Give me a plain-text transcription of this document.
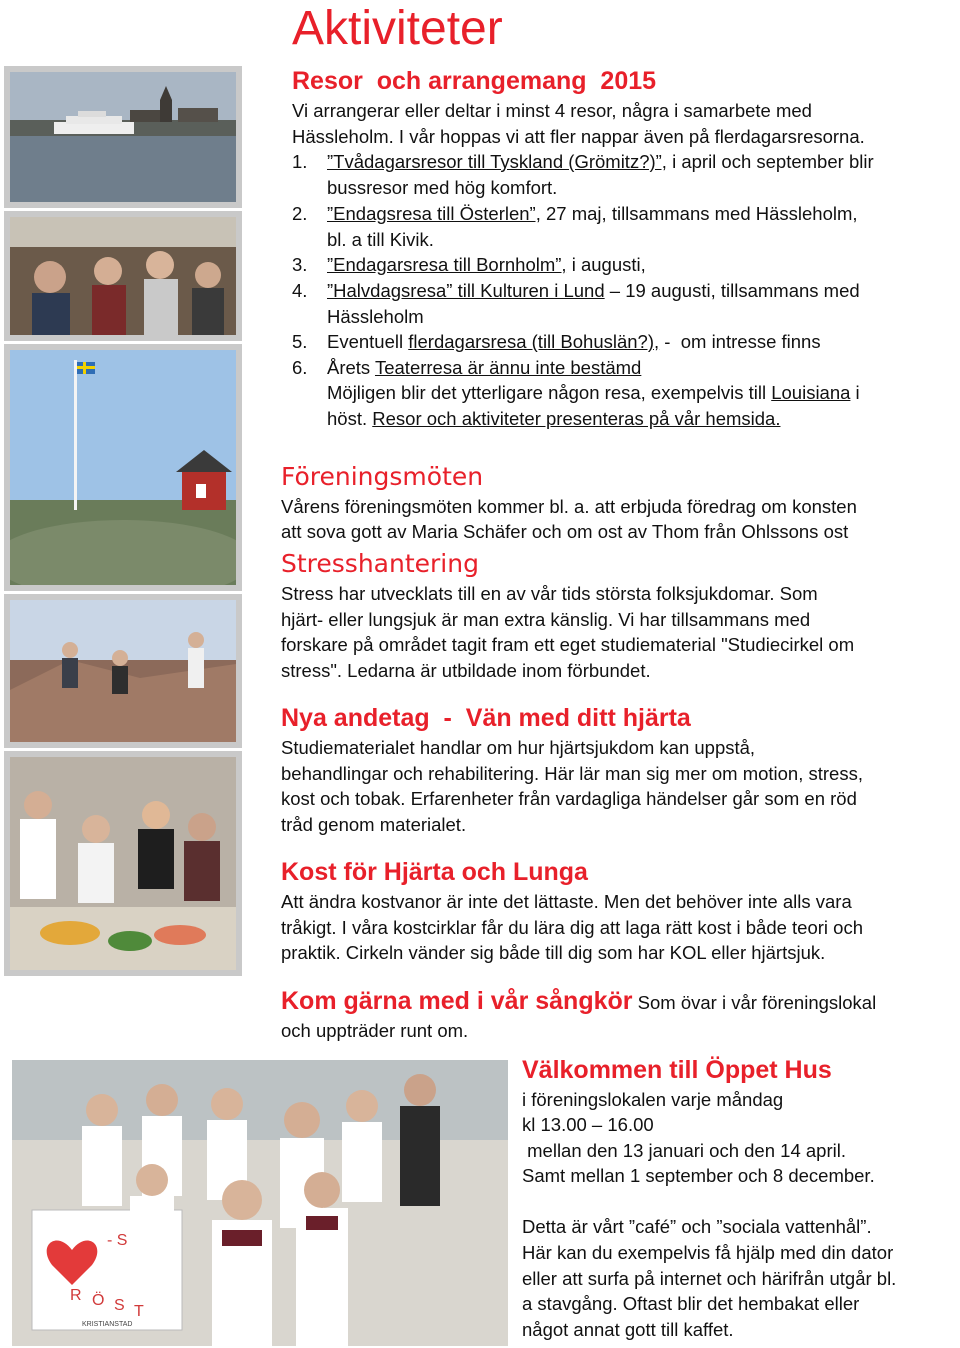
Aktiviteter
Resor  och arrangemang  2015
Vi arrangerar eller deltar i minst 4 resor, några i samarbete med
Hässleholm. I vår hoppas vi att fler nappar även på flerdagarsresorna.
1. ”Tvådagarsresor till Tyskland (Grömitz?)”, i april och september blir
bussresor med hög komfort.
2. ”Endagsresa till Österlen”, 27 maj, tillsammans med Hässleholm,
bl. a till Kivik.
3. ”Endagarsresa till Bornholm”, i augusti,
4. ”Halvdagsresa” till Kulturen i Lund – 19 augusti, tillsammans med
Hässleholm
5. Eventuell flerdagarsresa (till Bohuslän?), -  om intresse finns
6. Årets Teaterresa är ännu inte bestämd
Möjligen blir det ytterligare någon resa, exempelvis till Louisiana i
höst. Resor och aktiviteter presenteras på vår hemsida.
Föreningsmöten
Vårens föreningsmöten kommer bl. a. att erbjuda föredrag om konsten
att sova gott av Maria Schäfer och om ost av Thom från Ohlssons ost
Stresshantering
Stress har utvecklats till en av vår tids största folksjukdomar. Som
hjärt- eller lungsjuk är man extra känslig. Vi har tillsammans med
forskare på området tagit fram ett eget studiematerial "Studiecirkel om
stress". Ledarna är utbildade inom förbundet.
Nya andetag  -  Vän med ditt hjärta
Studiematerialet handlar om hur hjärtsjukdom kan uppstå,
behandlingar och rehabilitering. Här lär man sig mer om motion, stress,
kost och tobak. Erfarenheter från vardagliga händelser går som en röd
tråd genom materialet.
Kost för Hjärta och Lunga
Att ändra kostvanor är inte det lättaste. Men det behöver inte alls vara
tråkigt. I våra kostcirklar får du lära dig att laga rätt kost i både teori och
praktik. Cirkeln vänder sig både till dig som har KOL eller hjärtsjuk.
Kom gärna med i vår sångkör Som övar i vår föreningslokal
och uppträder runt om.
Välkommen till Öppet Hus
i föreningslokalen varje måndag
kl 13.00 – 16.00
mellan den 13 januari och den 14 april.
Samt mellan 1 september och 8 december.
Detta är vårt ”café” och ”sociala vattenhål”.
Här kan du exempelvis få hjälp med din dator
eller att surfa på internet och härifrån utgår bl.
a stavgång. Oftast blir det hembakat eller
något annat gott till kaffet.
- S
R Ö S T
KRISTIANSTAD
